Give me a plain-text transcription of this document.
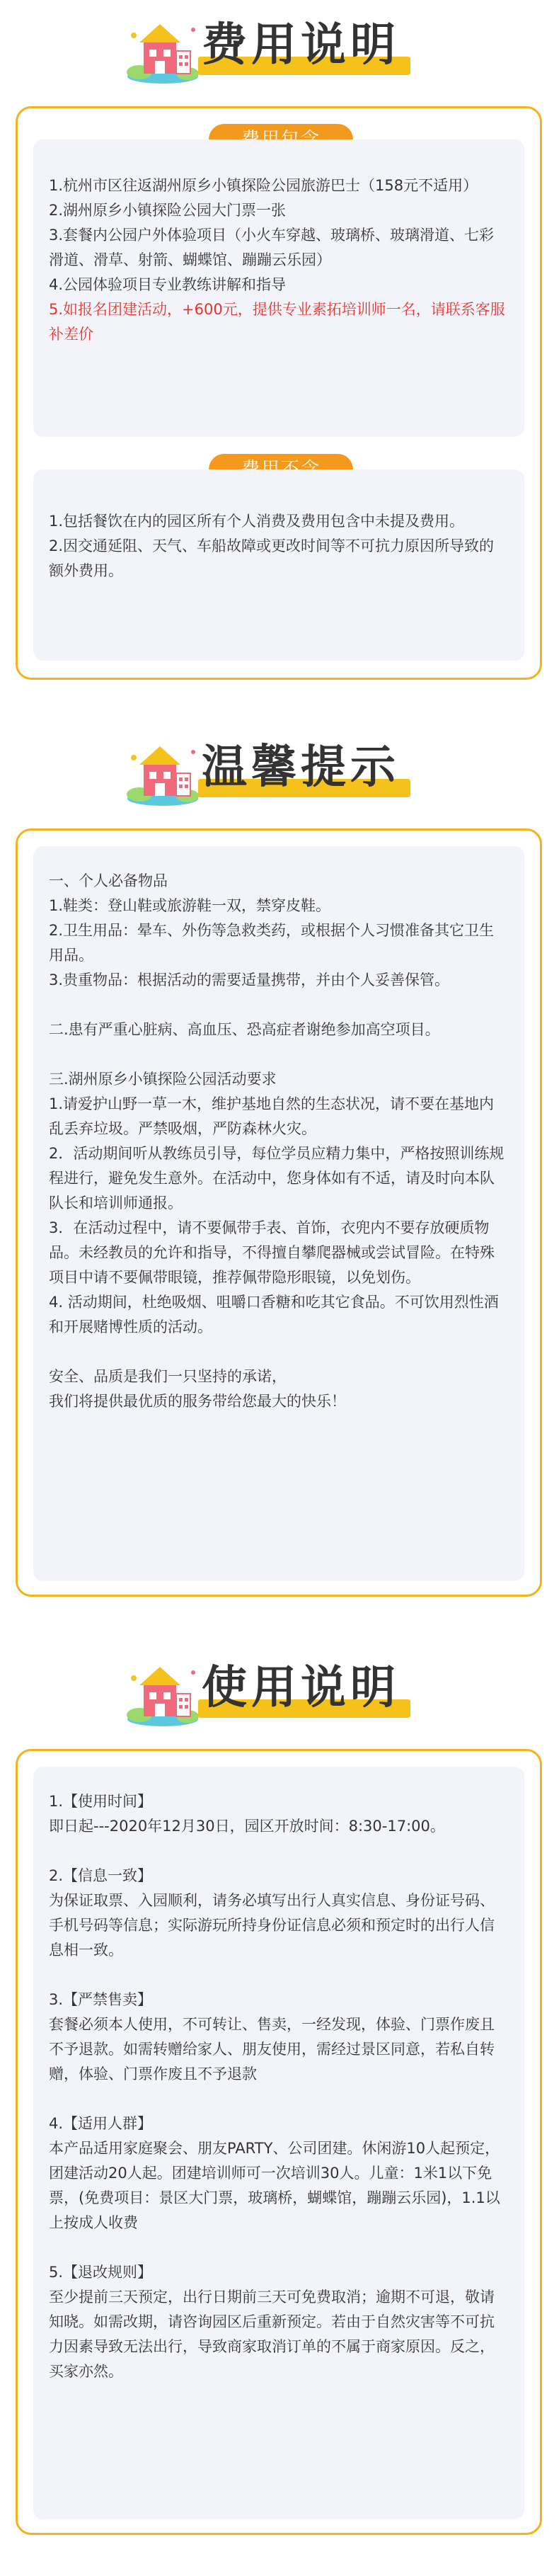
费用说明

1.杭州市区往返湖州原乡小镇探险公园旅游巴士（158元不适用）

2.湖州原乡小镇探险公园大门票一张

3.套餐内公园户外体验项目（小火车穿越、玻璃桥、玻璃滑道、七彩滑道、滑草、射箭、蝴蝶馆、蹦蹦云乐园）

4.公园体验项目专业教练讲解和指导

5.如报名团建活动，+600元，提供专业素拓培训师一名，请联系客服补差价

1.包括餐饮在内的园区所有个人消费及费用包含中未提及费用。

2.因交通延阻、天气、车船故障或更改时间等不可抗力原因所导致的额外费用。

温馨提示

一、个人必备物品

1.鞋类：登山鞋或旅游鞋一双，禁穿皮鞋。

2.卫生用品：晕车、外伤等急救类药，或根据个人习惯准备其它卫生用品。

3.贵重物品：根据活动的需要适量携带，并由个人妥善保管。

二.患有严重心脏病、高血压、恐高症者谢绝参加高空项目。

三.湖州原乡小镇探险公园活动要求

1.请爱护山野一草一木，维护基地自然的生态状况，请不要在基地内乱丢弃垃圾。严禁吸烟，严防森林火灾。

2．活动期间听从教练员引导，每位学员应精力集中，严格按照训练规程进行，避免发生意外。在活动中，您身体如有不适，请及时向本队队长和培训师通报。

3．在活动过程中，请不要佩带手表、首饰，衣兜内不要存放硬质物品。未经教员的允许和指导，不得擅自攀爬器械或尝试冒险。在特殊项目中请不要佩带眼镜，推荐佩带隐形眼镜，以免划伤。

4. 活动期间，杜绝吸烟、咀嚼口香糖和吃其它食品。不可饮用烈性酒和开展赌博性质的活动。

安全、品质是我们一只坚持的承诺，

我们将提供最优质的服务带给您最大的快乐！

使用说明

1.【使用时间】

即日起---2020年12月30日，园区开放时间：8:30-17:00。

2.【信息一致】

为保证取票、入园顺利，请务必填写出行人真实信息、身份证号码、手机号码等信息；实际游玩所持身份证信息必须和预定时的出行人信息相一致。

3.【严禁售卖】

套餐必须本人使用，不可转让、售卖，一经发现，体验、门票作废且不予退款。如需转赠给家人、朋友使用，需经过景区同意，若私自转赠，体验、门票作废且不予退款

4.【适用人群】

本产品适用家庭聚会、朋友PARTY、公司团建。休闲游10人起预定，团建活动20人起。团建培训师可一次培训30人。儿童：1米1以下免票，(免费项目：景区大门票，玻璃桥，蝴蝶馆，蹦蹦云乐园)，1.1以上按成人收费

5.【退改规则】

至少提前三天预定，出行日期前三天可免费取消；逾期不可退，敬请知晓。如需改期，请咨询园区后重新预定。若由于自然灾害等不可抗力因素导致无法出行，导致商家取消订单的不属于商家原因。反之，买家亦然。
